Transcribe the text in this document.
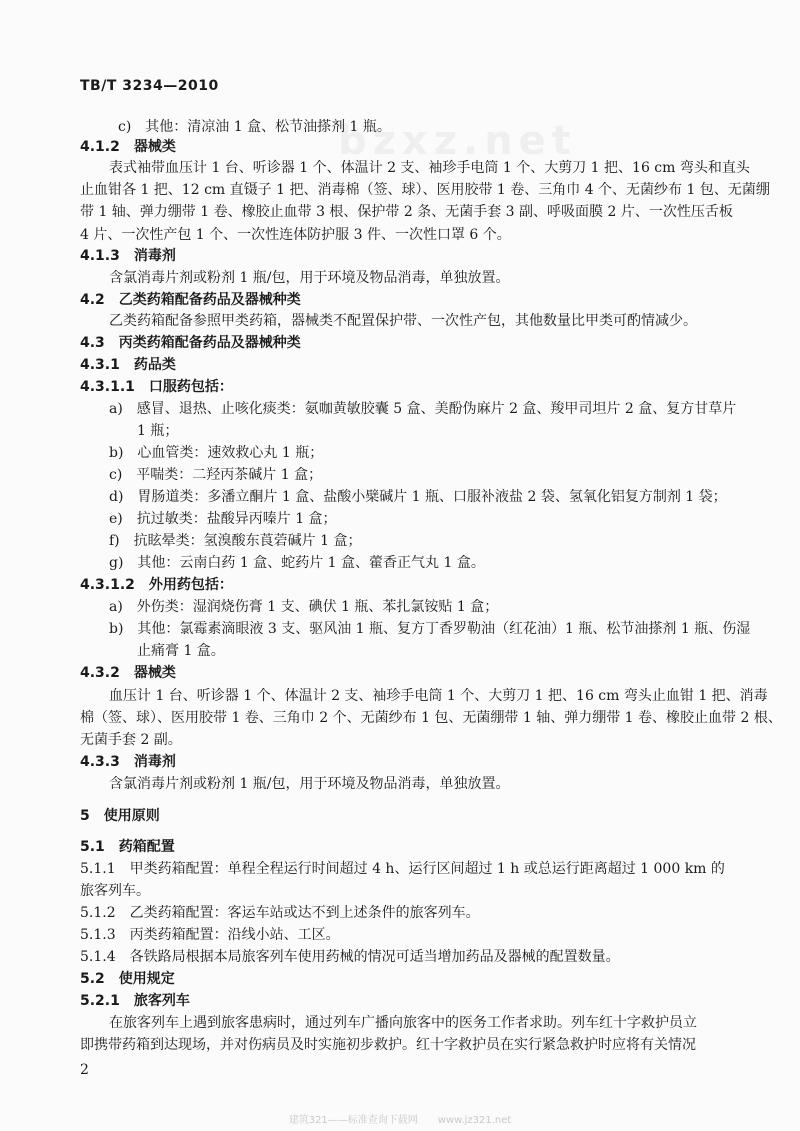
bzxz.net
TB/T 3234—2010
c)　其他：清凉油 1 盒、松节油搽剂 1 瓶。
4.1.2　器械类
表式袖带血压计 1 台、听诊器 1 个、体温计 2 支、袖珍手电筒 1 个、大剪刀 1 把、16 cm 弯头和直头
止血钳各 1 把、12 cm 直镊子 1 把、消毒棉（签、球）、医用胶带 1 卷、三角巾 4 个、无菌纱布 1 包、无菌绷
带 1 轴、弹力绷带 1 卷、橡胶止血带 3 根、保护带 2 条、无菌手套 3 副、呼吸面膜 2 片、一次性压舌板
4 片、一次性产包 1 个、一次性连体防护服 3 件、一次性口罩 6 个。
4.1.3　消毒剂
含氯消毒片剂或粉剂 1 瓶/包，用于环境及物品消毒，单独放置。
4.2　乙类药箱配备药品及器械种类
乙类药箱配备参照甲类药箱，器械类不配置保护带、一次性产包，其他数量比甲类可酌情减少。
4.3　丙类药箱配备药品及器械种类
4.3.1　药品类
4.3.1.1　口服药包括：
a)　感冒、退热、止咳化痰类：氨咖黄敏胶囊 5 盒、美酚伪麻片 2 盒、羧甲司坦片 2 盒、复方甘草片
1 瓶；
b)　心血管类：速效救心丸 1 瓶；
c)　平喘类：二羟丙茶碱片 1 盒；
d)　胃肠道类：多潘立酮片 1 盒、盐酸小檗碱片 1 瓶、口服补液盐 2 袋、氢氧化铝复方制剂 1 袋；
e)　抗过敏类：盐酸异丙嗪片 1 盒；
f)　抗眩晕类：氢溴酸东莨菪碱片 1 盒；
g)　其他：云南白药 1 盒、蛇药片 1 盒、藿香正气丸 1 盒。
4.3.1.2　外用药包括：
a)　外伤类：湿润烧伤膏 1 支、碘伏 1 瓶、苯扎氯铵贴 1 盒；
b)　其他：氯霉素滴眼液 3 支、驱风油 1 瓶、复方丁香罗勒油（红花油）1 瓶、松节油搽剂 1 瓶、伤湿
止痛膏 1 盒。
4.3.2　器械类
血压计 1 台、听诊器 1 个、体温计 2 支、袖珍手电筒 1 个、大剪刀 1 把、16 cm 弯头止血钳 1 把、消毒
棉（签、球）、医用胶带 1 卷、三角巾 2 个、无菌纱布 1 包、无菌绷带 1 轴、弹力绷带 1 卷、橡胶止血带 2 根、
无菌手套 2 副。
4.3.3　消毒剂
含氯消毒片剂或粉剂 1 瓶/包，用于环境及物品消毒，单独放置。
5　使用原则
5.1　药箱配置
5.1.1　甲类药箱配置：单程全程运行时间超过 4 h、运行区间超过 1 h 或总运行距离超过 1 000 km 的
旅客列车。
5.1.2　乙类药箱配置：客运车站或达不到上述条件的旅客列车。
5.1.3　丙类药箱配置：沿线小站、工区。
5.1.4　各铁路局根据本局旅客列车使用药械的情况可适当增加药品及器械的配置数量。
5.2　使用规定
5.2.1　旅客列车
在旅客列车上遇到旅客患病时，通过列车广播向旅客中的医务工作者求助。列车红十字救护员立
即携带药箱到达现场，并对伤病员及时实施初步救护。红十字救护员在实行紧急救护时应将有关情况
2
建筑321——标准查询下载网　　www.jz321.net
